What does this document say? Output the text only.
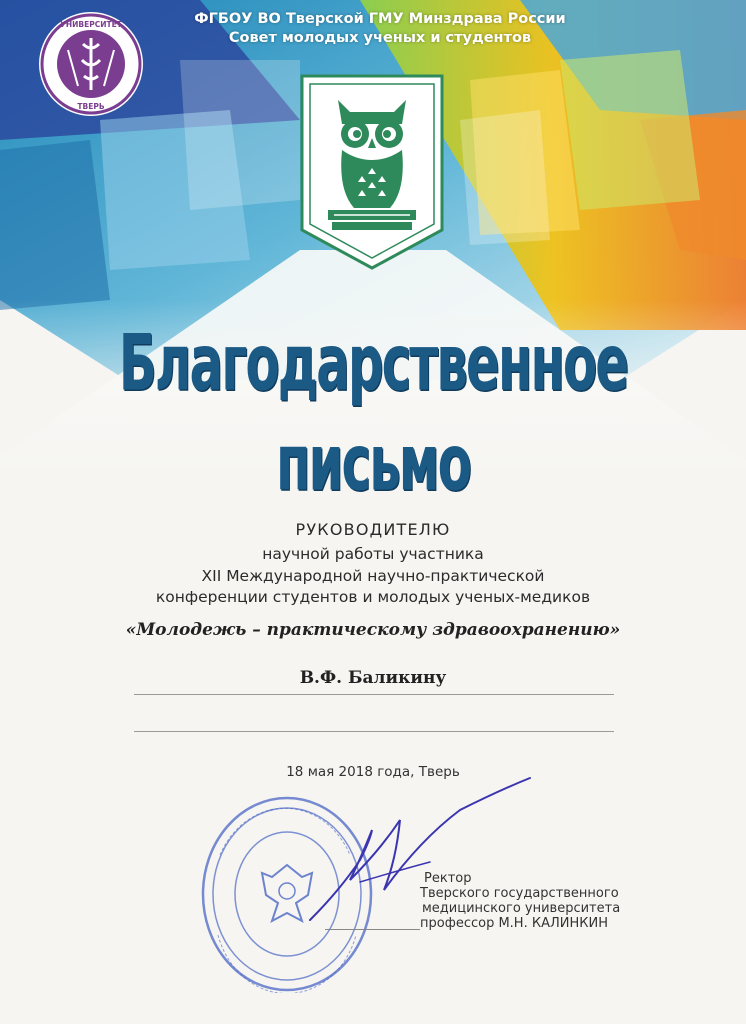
УНИВЕРСИТЕТ
ТВЕРЬ
ФГБОУ ВО Тверской ГМУ Минздрава России
Совет молодых ученых и студентов
Благодарственное
письмо
РУКОВОДИТЕЛЮ
научной работы участника
XII Международной научно-практической
конференции студентов и молодых ученых-медиков
«Молодежь – практическому здравоохранению»
В.Ф. Баликину
18 мая 2018 года, Тверь
Ректор
Тверского государственного
медицинского университета
профессор М.Н. КАЛИНКИН
